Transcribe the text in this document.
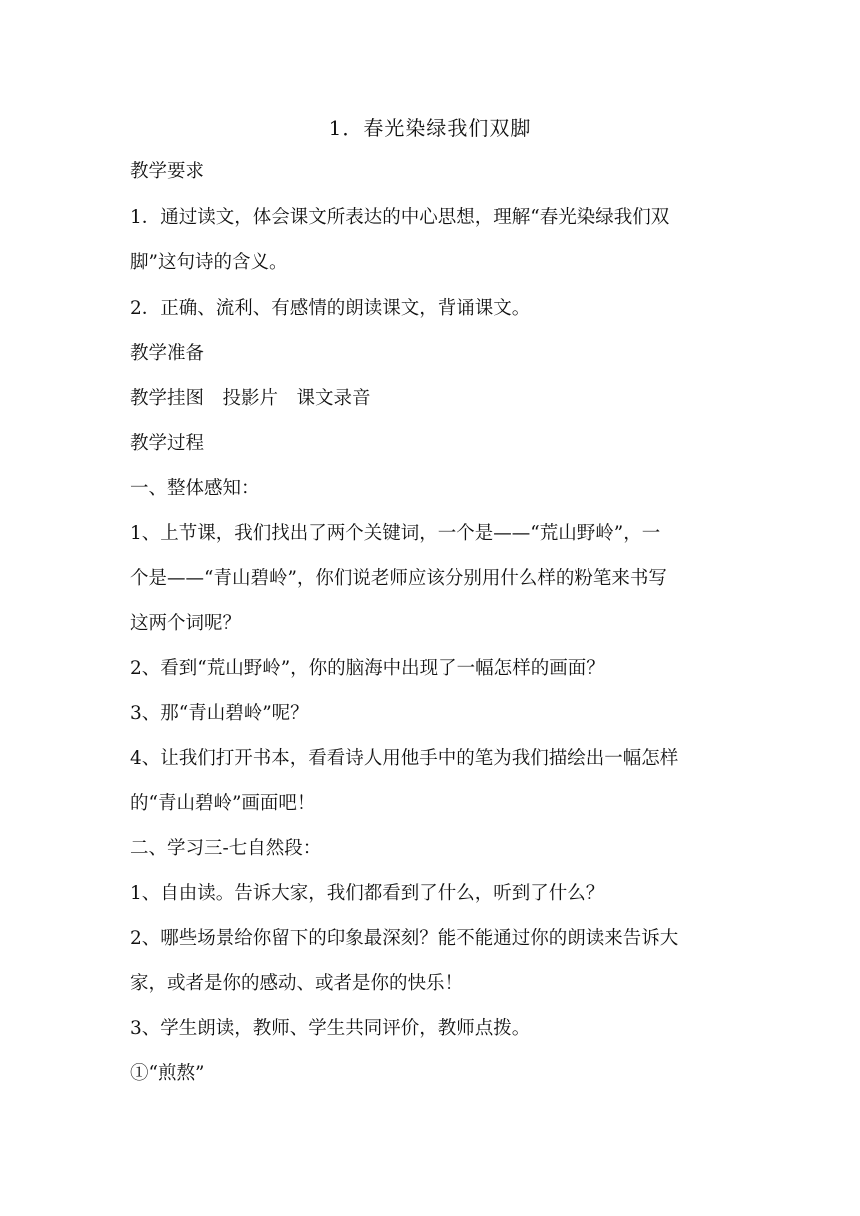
1．春光染绿我们双脚
教学要求
1．通过读文，体会课文所表达的中心思想，理解“春光染绿我们双
脚”这句诗的含义。
2．正确、流利、有感情的朗读课文，背诵课文。
教学准备
教学挂图　投影片　课文录音
教学过程
一、整体感知：
1、上节课，我们找出了两个关键词，一个是——“荒山野岭”，一
个是——“青山碧岭”，你们说老师应该分别用什么样的粉笔来书写
这两个词呢？
2、看到“荒山野岭”，你的脑海中出现了一幅怎样的画面？
3、那“青山碧岭”呢？
4、让我们打开书本，看看诗人用他手中的笔为我们描绘出一幅怎样
的“青山碧岭”画面吧！
二、学习三-七自然段：
1、自由读。告诉大家，我们都看到了什么，听到了什么？
2、哪些场景给你留下的印象最深刻？能不能通过你的朗读来告诉大
家，或者是你的感动、或者是你的快乐！
3、学生朗读，教师、学生共同评价，教师点拨。
①“煎熬”
